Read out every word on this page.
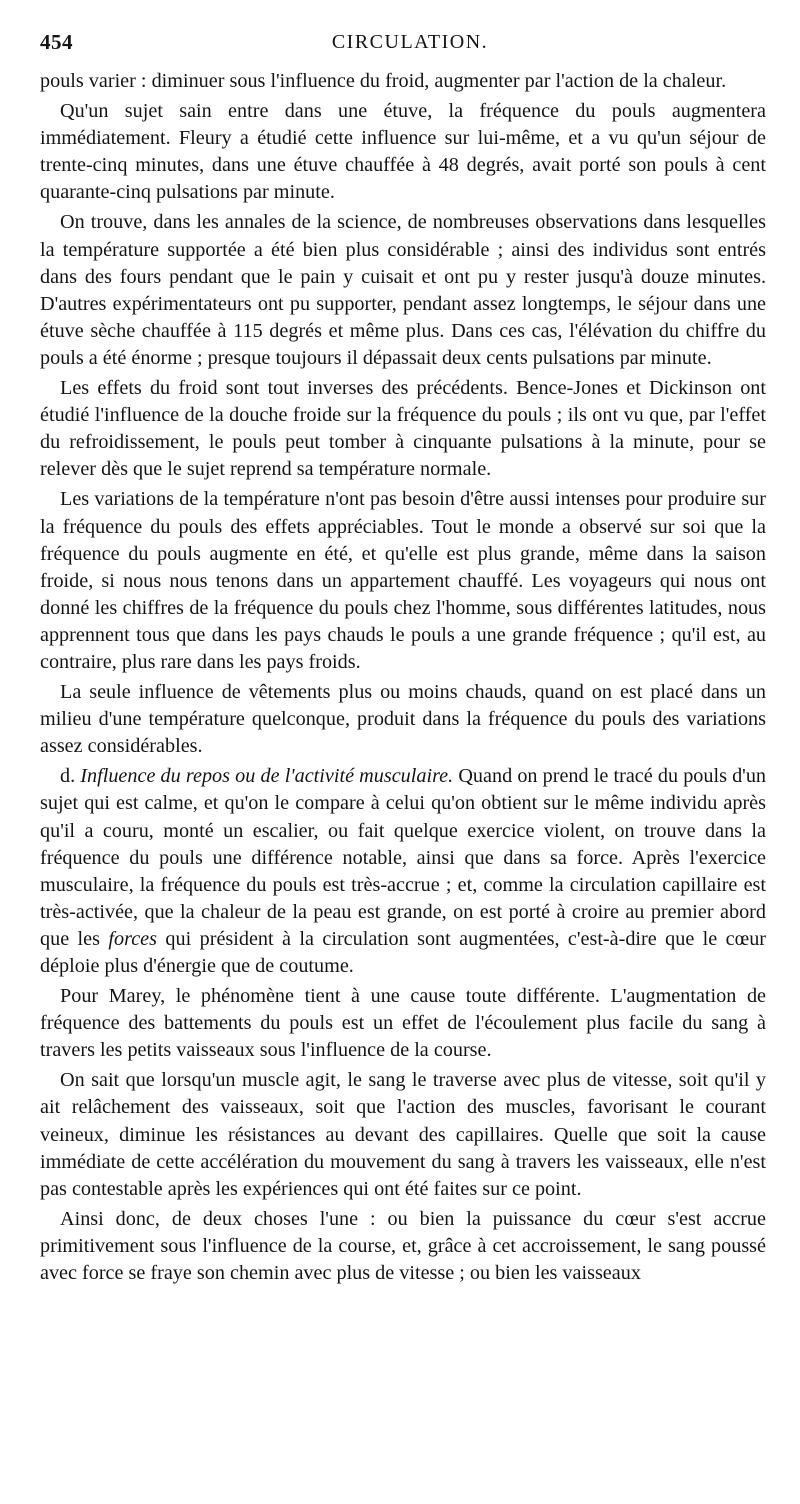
454	CIRCULATION.

pouls varier : diminuer sous l'influence du froid, augmenter par l'action de la chaleur.

Qu'un sujet sain entre dans une étuve, la fréquence du pouls augmentera immédiatement. Fleury a étudié cette influence sur lui-même, et a vu qu'un séjour de trente-cinq minutes, dans une étuve chauffée à 48 degrés, avait porté son pouls à cent quarante-cinq pulsations par minute.

On trouve, dans les annales de la science, de nombreuses observations dans lesquelles la température supportée a été bien plus considérable ; ainsi des individus sont entrés dans des fours pendant que le pain y cuisait et ont pu y rester jusqu'à douze minutes. D'autres expérimentateurs ont pu supporter, pendant assez longtemps, le séjour dans une étuve sèche chauffée à 115 degrés et même plus. Dans ces cas, l'élévation du chiffre du pouls a été énorme ; presque toujours il dépassait deux cents pulsations par minute.

Les effets du froid sont tout inverses des précédents. Bence-Jones et Dickinson ont étudié l'influence de la douche froide sur la fréquence du pouls ; ils ont vu que, par l'effet du refroidissement, le pouls peut tomber à cinquante pulsations à la minute, pour se relever dès que le sujet reprend sa température normale.

Les variations de la température n'ont pas besoin d'être aussi intenses pour produire sur la fréquence du pouls des effets appréciables. Tout le monde a observé sur soi que la fréquence du pouls augmente en été, et qu'elle est plus grande, même dans la saison froide, si nous nous tenons dans un appartement chauffé. Les voyageurs qui nous ont donné les chiffres de la fréquence du pouls chez l'homme, sous différentes latitudes, nous apprennent tous que dans les pays chauds le pouls a une grande fréquence ; qu'il est, au contraire, plus rare dans les pays froids.

La seule influence de vêtements plus ou moins chauds, quand on est placé dans un milieu d'une température quelconque, produit dans la fréquence du pouls des variations assez considérables.

d. Influence du repos ou de l'activité musculaire. Quand on prend le tracé du pouls d'un sujet qui est calme, et qu'on le compare à celui qu'on obtient sur le même individu après qu'il a couru, monté un escalier, ou fait quelque exercice violent, on trouve dans la fréquence du pouls une différence notable, ainsi que dans sa force. Après l'exercice musculaire, la fréquence du pouls est très-accrue ; et, comme la circulation capillaire est très-activée, que la chaleur de la peau est grande, on est porté à croire au premier abord que les forces qui président à la circulation sont augmentées, c'est-à-dire que le cœur déploie plus d'énergie que de coutume.

Pour Marey, le phénomène tient à une cause toute différente. L'augmentation de fréquence des battements du pouls est un effet de l'écoulement plus facile du sang à travers les petits vaisseaux sous l'influence de la course.

On sait que lorsqu'un muscle agit, le sang le traverse avec plus de vitesse, soit qu'il y ait relâchement des vaisseaux, soit que l'action des muscles, favorisant le courant veineux, diminue les résistances au devant des capillaires. Quelle que soit la cause immédiate de cette accélération du mouvement du sang à travers les vaisseaux, elle n'est pas contestable après les expériences qui ont été faites sur ce point.

Ainsi donc, de deux choses l'une : ou bien la puissance du cœur s'est accrue primitivement sous l'influence de la course, et, grâce à cet accroissement, le sang poussé avec force se fraye son chemin avec plus de vitesse ; ou bien les vaisseaux
